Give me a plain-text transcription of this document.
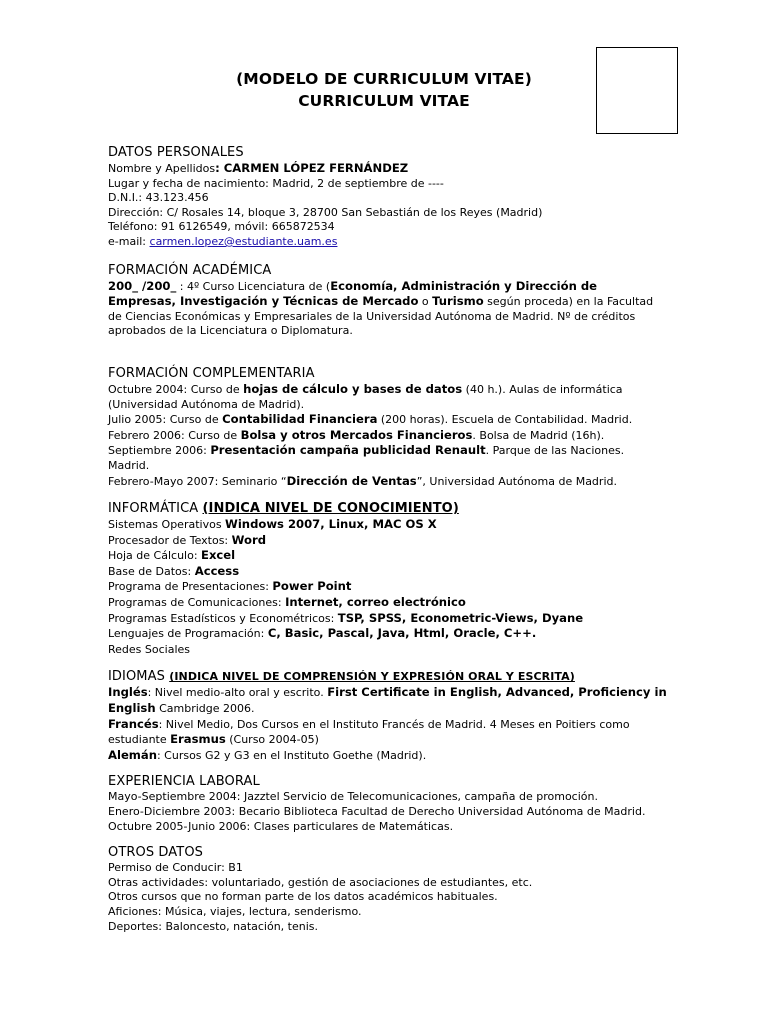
(MODELO DE CURRICULUM VITAE)
CURRICULUM VITAE
DATOS PERSONALES
Nombre y Apellidos: CARMEN LÓPEZ FERNÁNDEZ
Lugar y fecha de nacimiento: Madrid, 2 de septiembre de ----
D.N.I.: 43.123.456
Dirección: C/ Rosales 14, bloque 3, 28700 San Sebastián de los Reyes (Madrid)
Teléfono: 91 6126549, móvil: 665872534
e-mail: carmen.lopez@estudiante.uam.es
FORMACIÓN ACADÉMICA
200_ /200_ : 4º Curso Licenciatura de (Economía, Administración y Dirección de Empresas, Investigación y Técnicas de Mercado o Turismo según proceda) en la Facultad de Ciencias Económicas y Empresariales de la Universidad Autónoma de Madrid. Nº de créditos aprobados de la Licenciatura o Diplomatura.
FORMACIÓN COMPLEMENTARIA
Octubre 2004: Curso de hojas de cálculo y bases de datos (40 h.). Aulas de informática (Universidad Autónoma de Madrid).
Julio 2005: Curso de Contabilidad Financiera (200 horas). Escuela de Contabilidad. Madrid.
Febrero 2006: Curso de Bolsa y otros Mercados Financieros. Bolsa de Madrid (16h).
Septiembre 2006: Presentación campaña publicidad Renault. Parque de las Naciones. Madrid.
Febrero-Mayo 2007: Seminario “Dirección de Ventas”, Universidad Autónoma de Madrid.
INFORMÁTICA (INDICA NIVEL DE CONOCIMIENTO)
Sistemas Operativos Windows 2007, Linux, MAC OS X
Procesador de Textos: Word
Hoja de Cálculo: Excel
Base de Datos: Access
Programa de Presentaciones: Power Point
Programas de Comunicaciones: Internet, correo electrónico
Programas Estadísticos y Econométricos: TSP, SPSS, Econometric-Views, Dyane
Lenguajes de Programación: C, Basic, Pascal, Java, Html, Oracle, C++.
Redes Sociales
IDIOMAS (INDICA NIVEL DE COMPRENSIÓN Y EXPRESIÓN ORAL Y ESCRITA)
Inglés: Nivel medio-alto oral y escrito. First Certificate in English, Advanced, Proficiency in English Cambridge 2006.
Francés: Nivel Medio, Dos Cursos en el Instituto Francés de Madrid. 4 Meses en Poitiers como estudiante Erasmus (Curso 2004-05)
Alemán: Cursos G2 y G3 en el Instituto Goethe (Madrid).
EXPERIENCIA LABORAL
Mayo-Septiembre 2004: Jazztel Servicio de Telecomunicaciones, campaña de promoción.
Enero-Diciembre 2003: Becario Biblioteca Facultad de Derecho Universidad Autónoma de Madrid.
Octubre 2005-Junio 2006: Clases particulares de Matemáticas.
OTROS DATOS
Permiso de Conducir: B1
Otras actividades: voluntariado, gestión de asociaciones de estudiantes, etc.
Otros cursos que no forman parte de los datos académicos habituales.
Aficiones: Música, viajes, lectura, senderismo.
Deportes: Baloncesto, natación, tenis.
